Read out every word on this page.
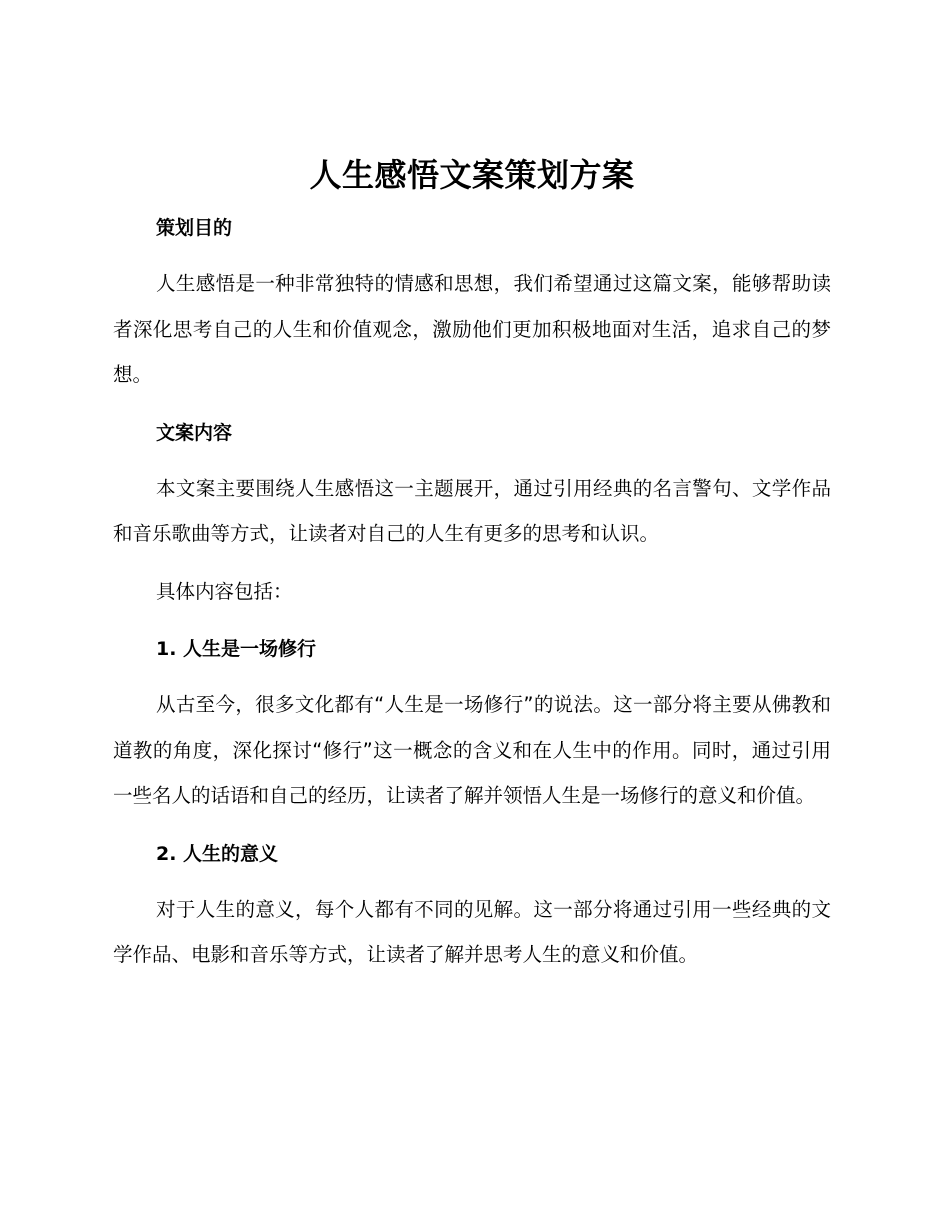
人生感悟文案策划方案
策划目的

人生感悟是一种非常独特的情感和思想，我们希望通过这篇文案，能够帮助读者深化思考自己的人生和价值观念，激励他们更加积极地面对生活，追求自己的梦想。

文案内容

本文案主要围绕人生感悟这一主题展开，通过引用经典的名言警句、文学作品和音乐歌曲等方式，让读者对自己的人生有更多的思考和认识。

具体内容包括：

1. 人生是一场修行

从古至今，很多文化都有“人生是一场修行”的说法。这一部分将主要从佛教和道教的角度，深化探讨“修行”这一概念的含义和在人生中的作用。同时，通过引用一些名人的话语和自己的经历，让读者了解并领悟人生是一场修行的意义和价值。

2. 人生的意义

对于人生的意义，每个人都有不同的见解。这一部分将通过引用一些经典的文学作品、电影和音乐等方式，让读者了解并思考人生的意义和价值。
